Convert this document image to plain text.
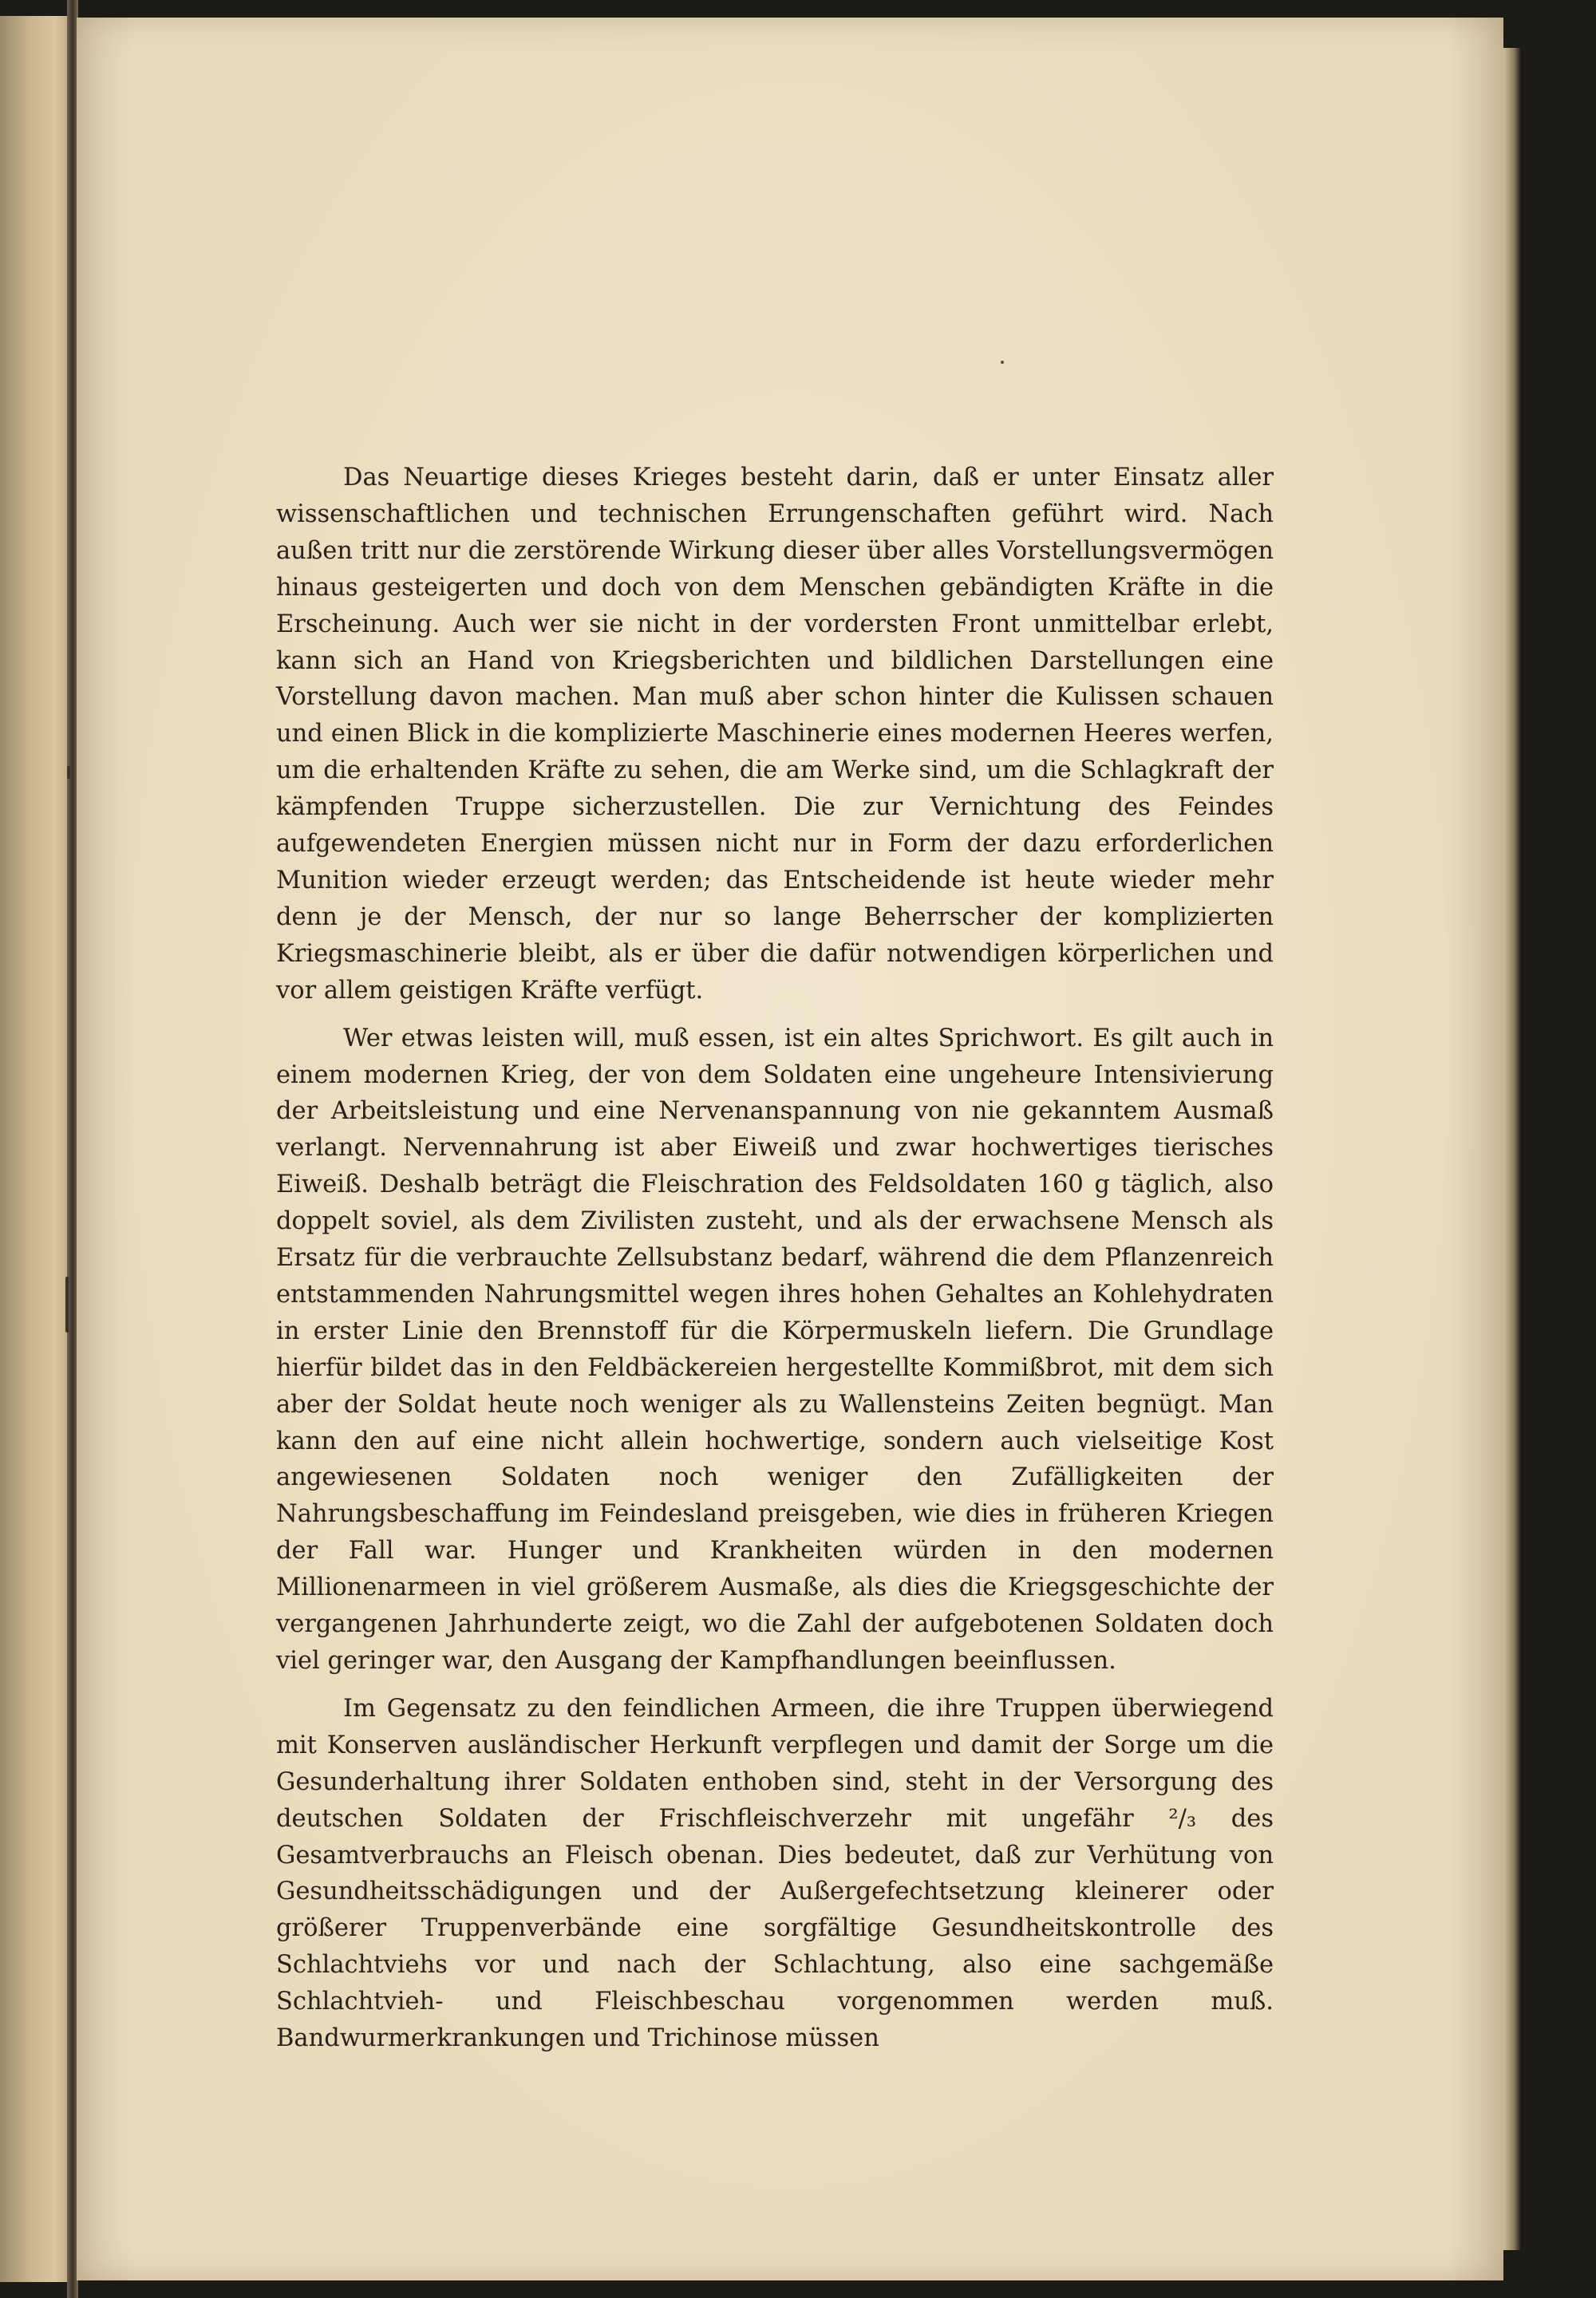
Das Neuartige dieses Krieges besteht darin, daß er unter Einsatz aller wissenschaftlichen und technischen Errungenschaften geführt wird. Nach außen tritt nur die zerstörende Wirkung dieser über alles Vorstellungsvermögen hinaus gesteigerten und doch von dem Menschen gebändigten Kräfte in die Erscheinung. Auch wer sie nicht in der vordersten Front unmittelbar erlebt, kann sich an Hand von Kriegsberichten und bildlichen Darstellungen eine Vorstellung davon machen. Man muß aber schon hinter die Kulissen schauen und einen Blick in die komplizierte Maschinerie eines modernen Heeres werfen, um die erhaltenden Kräfte zu sehen, die am Werke sind, um die Schlagkraft der kämpfenden Truppe sicherzustellen. Die zur Vernichtung des Feindes aufgewendeten Energien müssen nicht nur in Form der dazu erforderlichen Munition wieder erzeugt werden; das Entscheidende ist heute wieder mehr denn je der Mensch, der nur so lange Beherrscher der komplizierten Kriegsmaschinerie bleibt, als er über die dafür notwendigen körperlichen und vor allem geistigen Kräfte verfügt.

Wer etwas leisten will, muß essen, ist ein altes Sprichwort. Es gilt auch in einem modernen Krieg, der von dem Soldaten eine ungeheure Intensivierung der Arbeitsleistung und eine Nervenanspannung von nie gekanntem Ausmaß verlangt. Nervennahrung ist aber Eiweiß und zwar hochwertiges tierisches Eiweiß. Deshalb beträgt die Fleischration des Feldsoldaten 160 g täglich, also doppelt soviel, als dem Zivilisten zusteht, und als der erwachsene Mensch als Ersatz für die verbrauchte Zellsubstanz bedarf, während die dem Pflanzenreich entstammenden Nahrungsmittel wegen ihres hohen Gehaltes an Kohlehydraten in erster Linie den Brennstoff für die Körpermuskeln liefern. Die Grundlage hierfür bildet das in den Feldbäckereien hergestellte Kommißbrot, mit dem sich aber der Soldat heute noch weniger als zu Wallensteins Zeiten begnügt. Man kann den auf eine nicht allein hochwertige, sondern auch vielseitige Kost angewiesenen Soldaten noch weniger den Zufälligkeiten der Nahrungsbeschaffung im Feindesland preisgeben, wie dies in früheren Kriegen der Fall war. Hunger und Krankheiten würden in den modernen Millionenarmeen in viel größerem Ausmaße, als dies die Kriegsgeschichte der vergangenen Jahrhunderte zeigt, wo die Zahl der aufgebotenen Soldaten doch viel geringer war, den Ausgang der Kampfhandlungen beeinflussen.

Im Gegensatz zu den feindlichen Armeen, die ihre Truppen überwiegend mit Konserven ausländischer Herkunft verpflegen und damit der Sorge um die Gesunderhaltung ihrer Soldaten enthoben sind, steht in der Versorgung des deutschen Soldaten der Frischfleischverzehr mit ungefähr ²/₃ des Gesamtverbrauchs an Fleisch obenan. Dies bedeutet, daß zur Verhütung von Gesundheitsschädigungen und der Außergefechtsetzung kleinerer oder größerer Truppenverbände eine sorgfältige Gesundheitskontrolle des Schlachtviehs vor und nach der Schlachtung, also eine sachgemäße Schlachtvieh- und Fleischbeschau vorgenommen werden muß. Bandwurmerkrankungen und Trichinose müssen
